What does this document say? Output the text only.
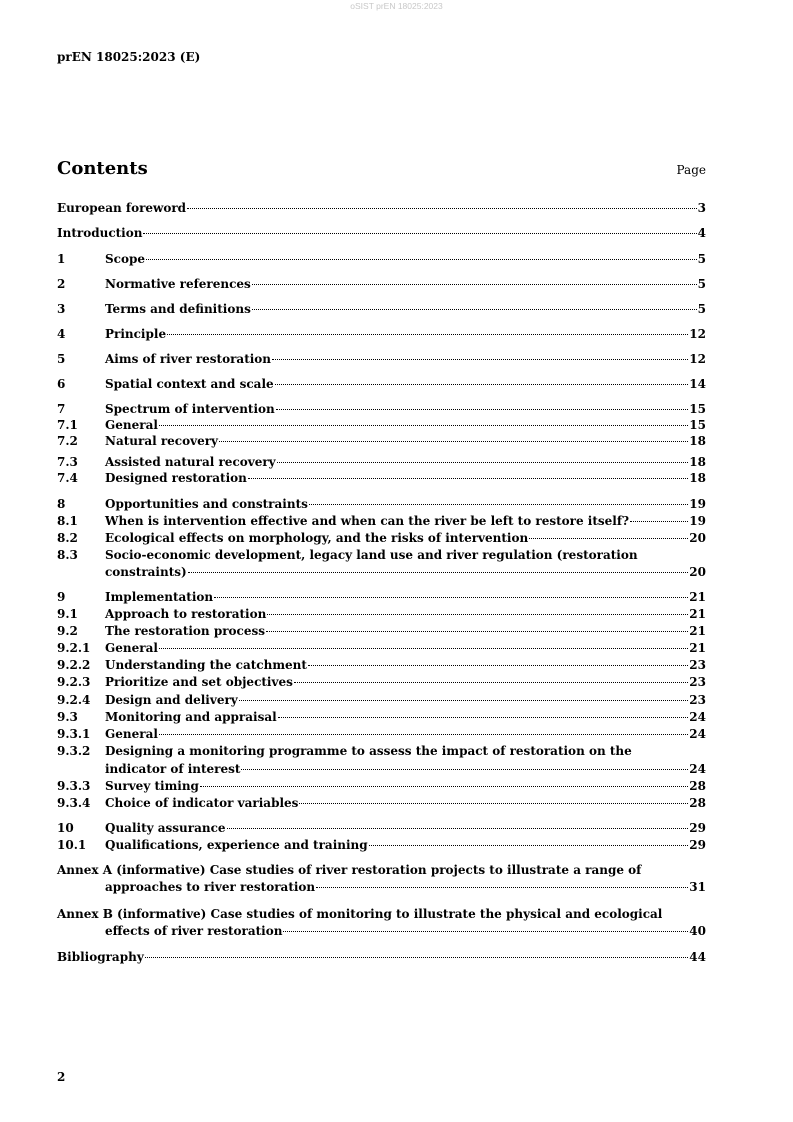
oSIST prEN 18025:2023
prEN 18025:2023 (E)
Contents	Page
European foreword	3
Introduction	4
1	Scope	5
2	Normative references	5
3	Terms and definitions	5
4	Principle	12
5	Aims of river restoration	12
6	Spatial context and scale	14
7	Spectrum of intervention	15
7.1	General	15
7.2	Natural recovery	18
7.3	Assisted natural recovery	18
7.4	Designed restoration	18
8	Opportunities and constraints	19
8.1	When is intervention effective and when can the river be left to restore itself?	19
8.2	Ecological effects on morphology, and the risks of intervention	20
8.3	Socio-economic development, legacy land use and river regulation (restoration
constraints)	20
9	Implementation	21
9.1	Approach to restoration	21
9.2	The restoration process	21
9.2.1	General	21
9.2.2	Understanding the catchment	23
9.2.3	Prioritize and set objectives	23
9.2.4	Design and delivery	23
9.3	Monitoring and appraisal	24
9.3.1	General	24
9.3.2	Designing a monitoring programme to assess the impact of restoration on the
indicator of interest	24
9.3.3	Survey timing	28
9.3.4	Choice of indicator variables	28
10	Quality assurance	29
10.1	Qualifications, experience and training	29
Annex A (informative) Case studies of river restoration projects to illustrate a range of
approaches to river restoration	31
Annex B (informative) Case studies of monitoring to illustrate the physical and ecological
effects of river restoration	40
Bibliography	44
2
